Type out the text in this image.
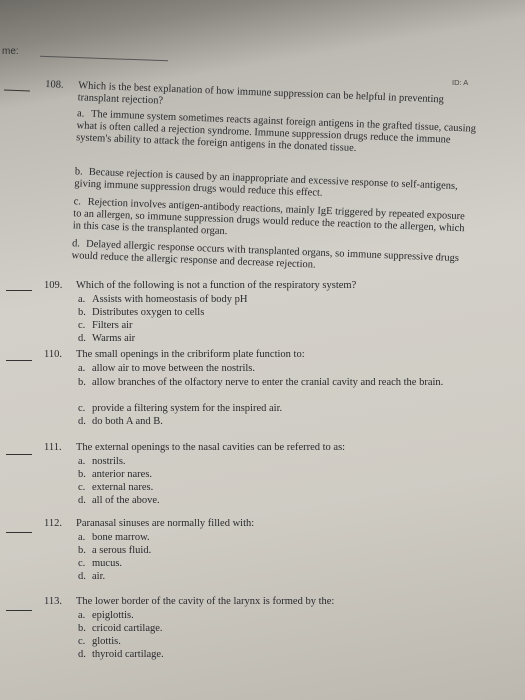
me:
ID: A
108. Which is the best explanation of how immune suppression can be helpful in preventing transplant rejection?
a. The immune system sometimes reacts against foreign antigens in the grafted tissue, causing what is often called a rejection syndrome. Immune suppression drugs reduce the immune system's ability to attack the foreign antigens in the donated tissue.
b. Because rejection is caused by an inappropriate and excessive response to self-antigens, giving immune suppression drugs would reduce this effect.
c. Rejection involves antigen-antibody reactions, mainly IgE triggered by repeated exposure to an allergen, so immune suppression drugs would reduce the reaction to the allergen, which in this case is the transplanted organ.
d. Delayed allergic response occurs with transplanted organs, so immune suppressive drugs would reduce the allergic response and decrease rejection.
109. Which of the following is not a function of the respiratory system?
a. Assists with homeostasis of body pH
b. Distributes oxygen to cells
c. Filters air
d. Warms air
110. The small openings in the cribriform plate function to:
a. allow air to move between the nostrils.
b. allow branches of the olfactory nerve to enter the cranial cavity and reach the brain.
c. provide a filtering system for the inspired air.
d. do both A and B.
111. The external openings to the nasal cavities can be referred to as:
a. nostrils.
b. anterior nares.
c. external nares.
d. all of the above.
112. Paranasal sinuses are normally filled with:
a. bone marrow.
b. a serous fluid.
c. mucus.
d. air.
113. The lower border of the cavity of the larynx is formed by the:
a. epiglottis.
b. cricoid cartilage.
c. glottis.
d. thyroid cartilage.
